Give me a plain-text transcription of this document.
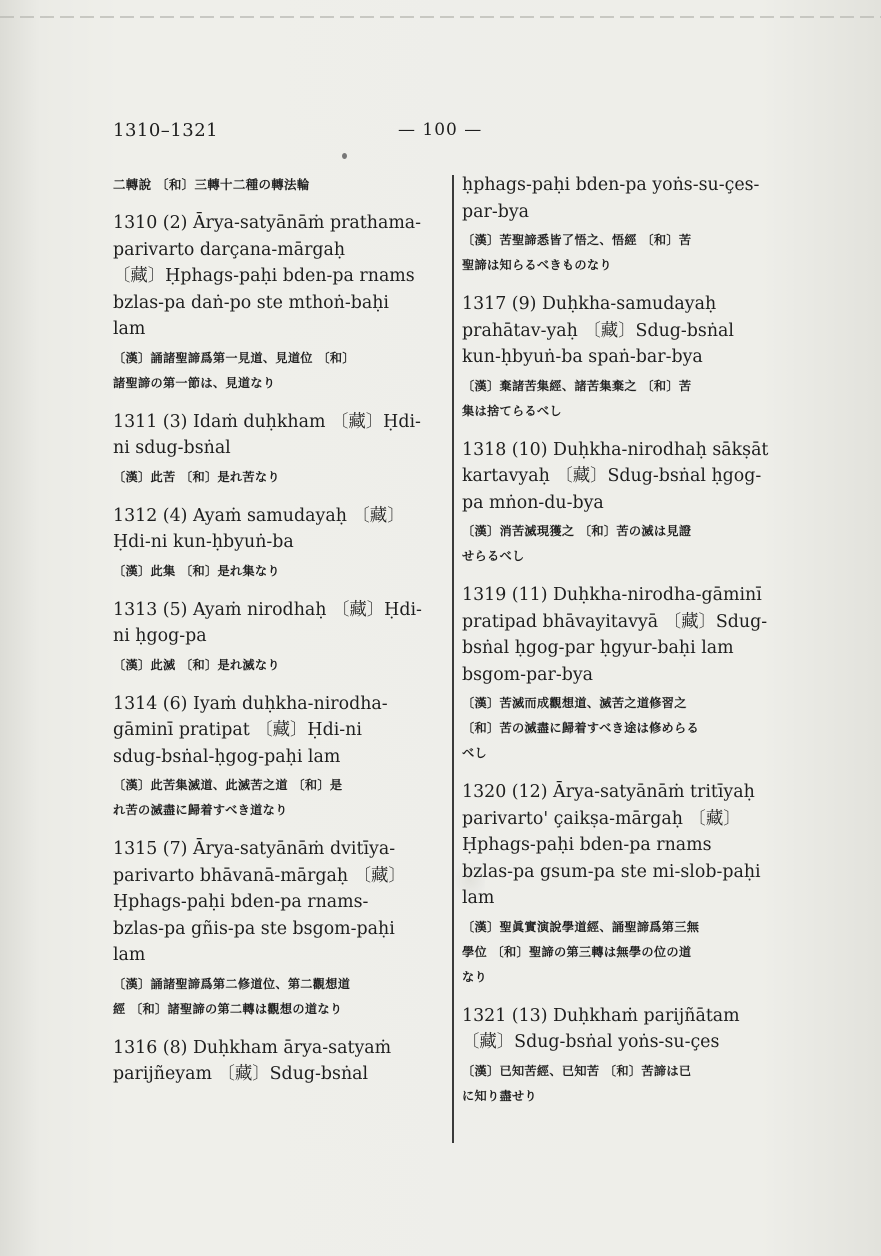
1310–1321	— 100 —
二轉說 〔和〕三轉十二種の轉法輪
1310 (2) Ārya-satyānāṁ prathama-
parivarto darçana-mārgaḥ
〔藏〕Ḥphags-paḥi bden-pa rnams
bzlas-pa daṅ-po ste mthoṅ-baḥi
lam
〔漢〕誦諸聖諦爲第一見道、見道位 〔和〕
諸聖諦の第一節は、見道なり
1311 (3) Idaṁ duḥkham 〔藏〕Ḥdi-
ni sdug-bsṅal
〔漢〕此苦 〔和〕是れ苦なり
1312 (4) Ayaṁ samudayaḥ 〔藏〕
Ḥdi-ni kun-ḥbyuṅ-ba
〔漢〕此集 〔和〕是れ集なり
1313 (5) Ayaṁ nirodhaḥ 〔藏〕Ḥdi-
ni ḥgog-pa
〔漢〕此滅 〔和〕是れ滅なり
1314 (6) Iyaṁ duḥkha-nirodha-
gāminī pratipat 〔藏〕Ḥdi-ni
sdug-bsṅal-ḥgog-paḥi lam
〔漢〕此苦集滅道、此滅苦之道 〔和〕是
れ苦の滅盡に歸着すべき道なり
1315 (7) Ārya-satyānāṁ dvitīya-
parivarto bhāvanā-mārgaḥ 〔藏〕
Ḥphags-paḥi bden-pa rnams-
bzlas-pa gñis-pa ste bsgom-paḥi
lam
〔漢〕誦諸聖諦爲第二修道位、第二觀想道
經 〔和〕諸聖諦の第二轉は觀想の道なり
1316 (8) Duḥkham ārya-satyaṁ
parijñeyam 〔藏〕Sdug-bsṅal
ḥphags-paḥi bden-pa yoṅs-su-çes-
par-bya
〔漢〕苦聖諦悉皆了悟之、悟經 〔和〕苦
聖諦は知らるべきものなり
1317 (9) Duḥkha-samudayaḥ
prahātav-yaḥ 〔藏〕Sdug-bsṅal
kun-ḥbyuṅ-ba spaṅ-bar-bya
〔漢〕棄諸苦集經、諸苦集棄之 〔和〕苦
集は捨てらるべし
1318 (10) Duḥkha-nirodhaḥ sākṣāt
kartavyaḥ 〔藏〕Sdug-bsṅal ḥgog-
pa mṅon-du-bya
〔漢〕消苦滅現獲之 〔和〕苦の滅は見證
せらるべし
1319 (11) Duḥkha-nirodha-gāminī
pratipad bhāvayitavyā 〔藏〕Sdug-
bsṅal ḥgog-par ḥgyur-baḥi lam
bsgom-par-bya
〔漢〕苦滅而成觀想道、滅苦之道修習之
〔和〕苦の滅盡に歸着すべき途は修めらる
べし
1320 (12) Ārya-satyānāṁ tritīyaḥ
parivarto' çaikṣa-mārgaḥ 〔藏〕
Ḥphags-paḥi bden-pa rnams
bzlas-pa gsum-pa ste mi-slob-paḥi
lam
〔漢〕聖眞實演說學道經、誦聖諦爲第三無
學位 〔和〕聖諦の第三轉は無學の位の道
なり
1321 (13) Duḥkhaṁ parijñātam
〔藏〕Sdug-bsṅal yoṅs-su-çes
〔漢〕已知苦經、已知苦 〔和〕苦諦は已
に知り盡せり
